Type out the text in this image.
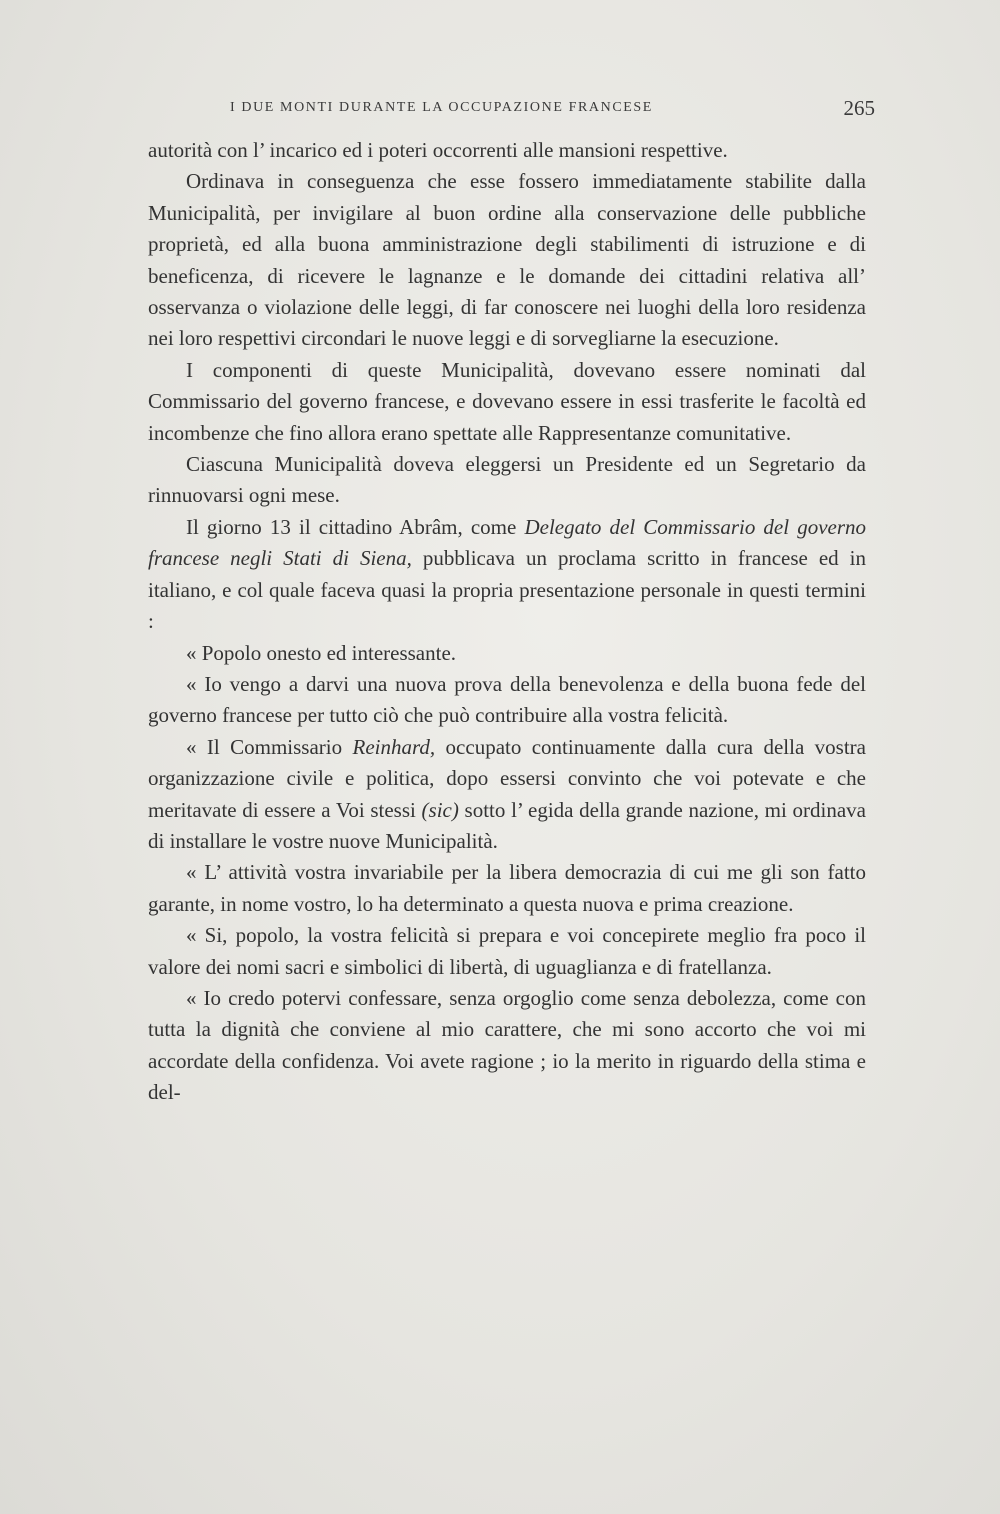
I DUE MONTI DURANTE LA OCCUPAZIONE FRANCESE	265

autorità con l’ incarico ed i poteri occorrenti alle mansioni respettive.

Ordinava in conseguenza che esse fossero immediatamente stabilite dalla Municipalità, per invigilare al buon ordine alla conservazione delle pubbliche proprietà, ed alla buona amministrazione degli stabilimenti di istruzione e di beneficenza, di ricevere le lagnanze e le domande dei cittadini relativa all’ osservanza o violazione delle leggi, di far conoscere nei luoghi della loro residenza nei loro respettivi circondari le nuove leggi e di sorvegliarne la esecuzione.

I componenti di queste Municipalità, dovevano essere nominati dal Commissario del governo francese, e dovevano essere in essi trasferite le facoltà ed incombenze che fino allora erano spettate alle Rappresentanze comunitative.

Ciascuna Municipalità doveva eleggersi un Presidente ed un Segretario da rinnuovarsi ogni mese.

Il giorno 13 il cittadino Abrâm, come Delegato del Commissario del governo francese negli Stati di Siena, pubblicava un proclama scritto in francese ed in italiano, e col quale faceva quasi la propria presentazione personale in questi termini :

« Popolo onesto ed interessante.

« Io vengo a darvi una nuova prova della benevolenza e della buona fede del governo francese per tutto ciò che può contribuire alla vostra felicità.

« Il Commissario Reinhard, occupato continuamente dalla cura della vostra organizzazione civile e politica, dopo essersi convinto che voi potevate e che meritavate di essere a Voi stessi (sic) sotto l’ egida della grande nazione, mi ordinava di installare le vostre nuove Municipalità.

« L’ attività vostra invariabile per la libera democrazia di cui me gli son fatto garante, in nome vostro, lo ha determinato a questa nuova e prima creazione.

« Si, popolo, la vostra felicità si prepara e voi concepirete meglio fra poco il valore dei nomi sacri e simbolici di libertà, di uguaglianza e di fratellanza.

« Io credo potervi confessare, senza orgoglio come senza debolezza, come con tutta la dignità che conviene al mio carattere, che mi sono accorto che voi mi accordate della confidenza. Voi avete ragione ; io la merito in riguardo della stima e del-
